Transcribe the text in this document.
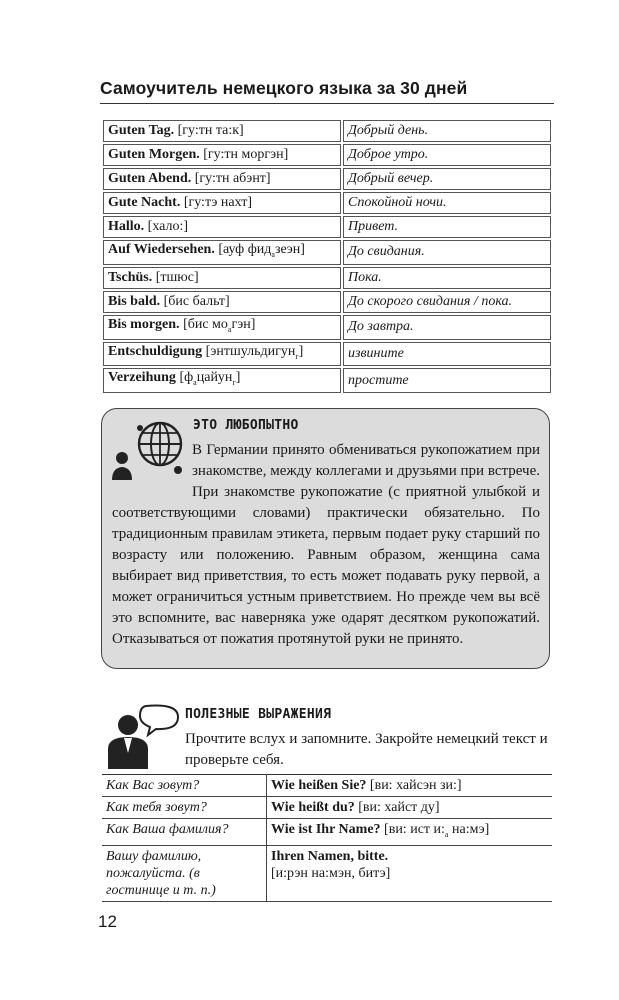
Самоучитель немецкого языка за 30 дней
Guten Tag. [гу:тн та:к]	Добрый день.
Guten Morgen. [гу:тн моргэн]	Доброе утро.
Guten Abend. [гу:тн абэнт]	Добрый вечер.
Gute Nacht. [гу:тэ нахт]	Спокойной ночи.
Hallo. [хало:]	Привет.
Auf Wiedersehen. [ауф фид$_а$зеэн]	До свидания.
Tschüs. [тшюс]	Пока.
Bis bald. [бис бальт]	До скорого свидания / пока.
Bis morgen. [бис $мо_агэн$]	До завтра.
Entschuldigung [энтшульдигун$_г$]	извините
Verzeihung $[ф_ацайун_г]$	простите
ЭТО ЛЮБОПЫТНО
В Германии принято обмениваться рукопожатием при знакомстве, между коллегами и друзьями при встрече. При знакомстве рукопожатие (с приятной улыбкой и соответствующими словами) практически обязательно. По традиционным правилам этикета, первым подает руку старший по возрасту или положению. Равным образом, женщина сама выбирает вид приветствия, то есть может подавать руку первой, а может ограничиться устным приветствием. Но прежде чем вы всё это вспомните, вас наверняка уже одарят десятком рукопожатий. Отказываться от пожатия протянутой руки не принято.
ПОЛЕЗНЫЕ ВЫРАЖЕНИЯ
Прочтите вслух и запомните. Закройте немецкий текст и проверьте себя.
Как Вас зовут?	Wie heißen Sie? [ви: хайсэн зи:]
Как тебя зовут?	Wie heißt du? [ви: хайст ду]
Как Ваша фамилия?	Wie ist Ihr Name? [ви: ист $и:_а$ на:мэ]
Вашу фамилию, пожалуйста. (в гостинице и т. п.)	Ihren Namen, bitte.
[и:рэн на:мэн, битэ]
12
